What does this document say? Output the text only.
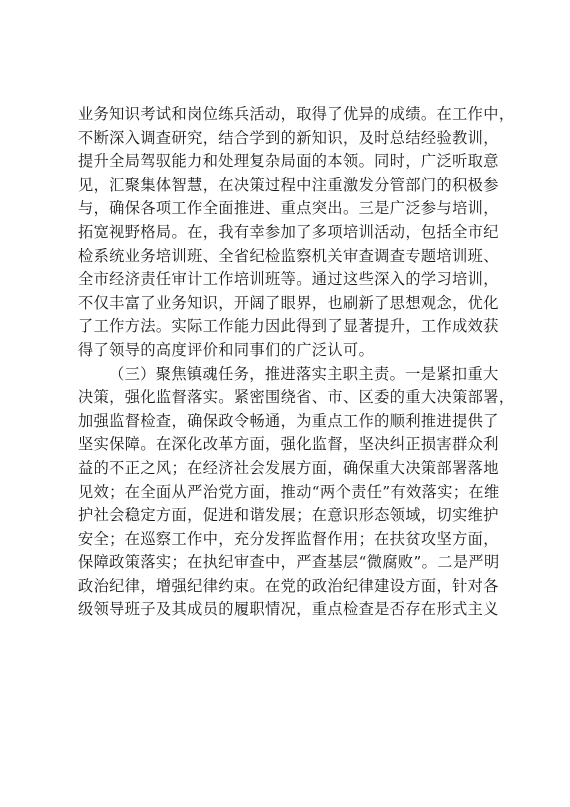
业务知识考试和岗位练兵活动，取得了优异的成绩。在工作中，
不断深入调查研究，结合学到的新知识，及时总结经验教训，
提升全局驾驭能力和处理复杂局面的本领。同时，广泛听取意
见，汇聚集体智慧，在决策过程中注重激发分管部门的积极参
与，确保各项工作全面推进、重点突出。三是广泛参与培训，
拓宽视野格局。在，我有幸参加了多项培训活动，包括全市纪
检系统业务培训班、全省纪检监察机关审查调查专题培训班、
全市经济责任审计工作培训班等。通过这些深入的学习培训，
不仅丰富了业务知识，开阔了眼界，也刷新了思想观念，优化
了工作方法。实际工作能力因此得到了显著提升，工作成效获
得了领导的高度评价和同事们的广泛认可。
（三）聚焦镇魂任务，推进落实主职主责。一是紧扣重大
决策，强化监督落实。紧密围绕省、市、区委的重大决策部署，
加强监督检查，确保政令畅通，为重点工作的顺利推进提供了
坚实保障。在深化改革方面，强化监督，坚决纠正损害群众利
益的不正之风；在经济社会发展方面，确保重大决策部署落地
见效；在全面从严治党方面，推动“两个责任”有效落实；在维
护社会稳定方面，促进和谐发展；在意识形态领域，切实维护
安全；在巡察工作中，充分发挥监督作用；在扶贫攻坚方面，
保障政策落实；在执纪审查中，严查基层“微腐败”。二是严明
政治纪律，增强纪律约束。在党的政治纪律建设方面，针对各
级领导班子及其成员的履职情况，重点检查是否存在形式主义
